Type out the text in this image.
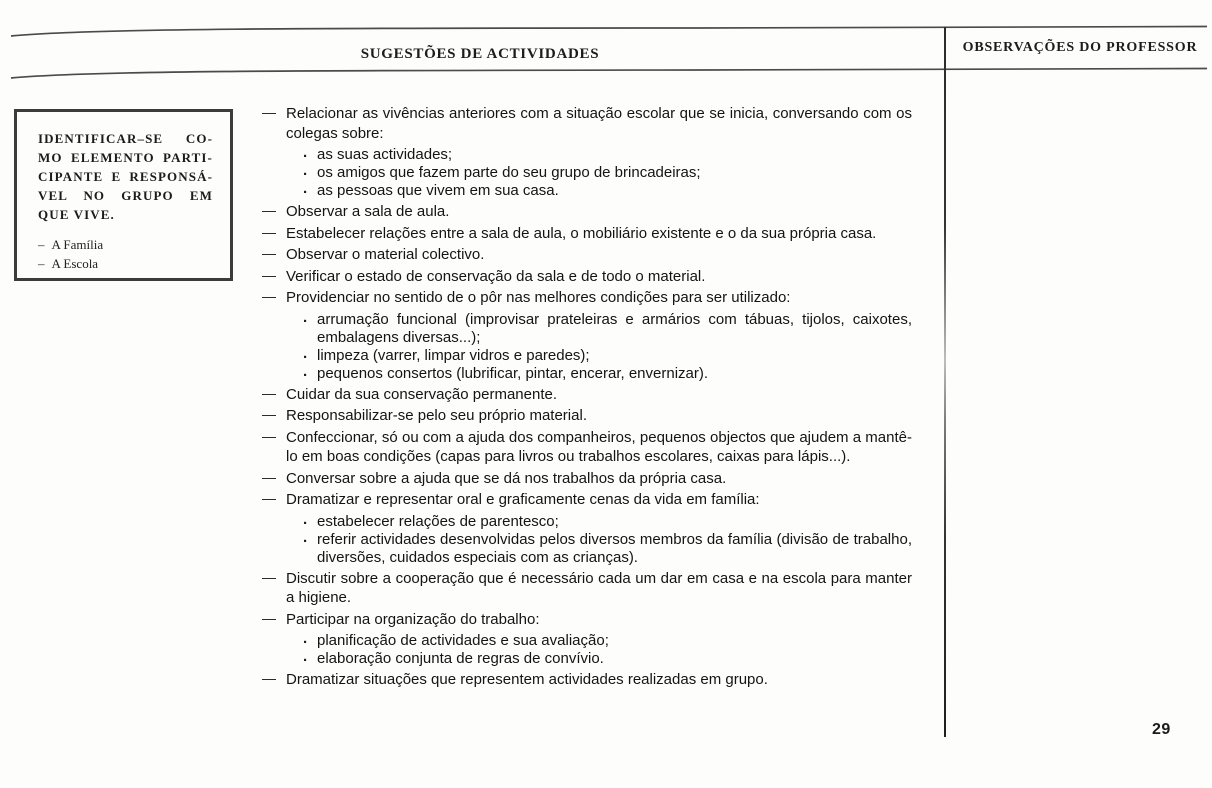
SUGESTÕES DE ACTIVIDADES	OBSERVAÇÕES DO PROFESSOR
IDENTIFICAR–SE CO-
MO ELEMENTO PARTI-
CIPANTE E RESPONSÁ-
VEL NO GRUPO EM
QUE VIVE.
– A Família
– A Escola
— Relacionar as vivências anteriores com a situação escolar que se inicia, conversando com os colegas sobre:
. as suas actividades;
. os amigos que fazem parte do seu grupo de brincadeiras;
. as pessoas que vivem em sua casa.
— Observar a sala de aula.
— Estabelecer relações entre a sala de aula, o mobiliário existente e o da sua própria casa.
— Observar o material colectivo.
— Verificar o estado de conservação da sala e de todo o material.
— Providenciar no sentido de o pôr nas melhores condições para ser utilizado:
. arrumação funcional (improvisar prateleiras e armários com tábuas, tijolos, caixotes, embalagens diversas...);
. limpeza (varrer, limpar vidros e paredes);
. pequenos consertos (lubrificar, pintar, encerar, envernizar).
— Cuidar da sua conservação permanente.
— Responsabilizar-se pelo seu próprio material.
— Confeccionar, só ou com a ajuda dos companheiros, pequenos objectos que ajudem a mantê-lo em boas condições (capas para livros ou trabalhos escolares, caixas para lápis...).
— Conversar sobre a ajuda que se dá nos trabalhos da própria casa.
— Dramatizar e representar oral e graficamente cenas da vida em família:
. estabelecer relações de parentesco;
. referir actividades desenvolvidas pelos diversos membros da família (divisão de trabalho, diversões, cuidados especiais com as crianças).
— Discutir sobre a cooperação que é necessário cada um dar em casa e na escola para manter a higiene.
— Participar na organização do trabalho:
. planificação de actividades e sua avaliação;
. elaboração conjunta de regras de convívio.
— Dramatizar situações que representem actividades realizadas em grupo.
29
